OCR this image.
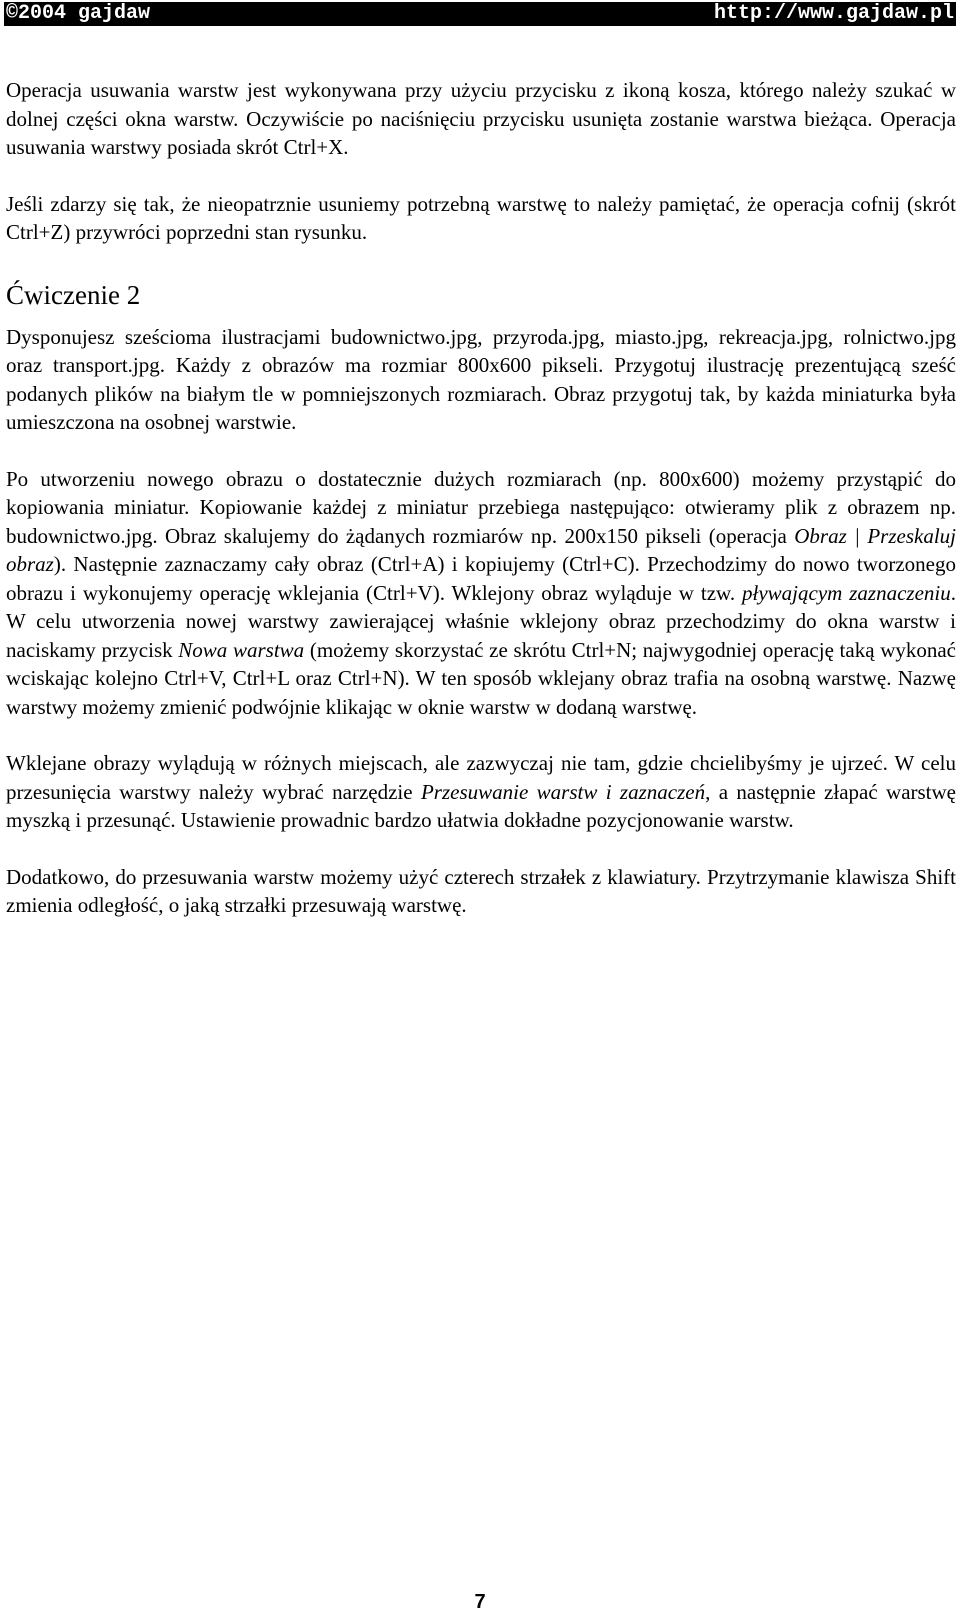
©2004 gajdaw	http://www.gajdaw.pl

Operacja usuwania warstw jest wykonywana przy użyciu przycisku z ikoną kosza, którego należy szukać w dolnej części okna warstw. Oczywiście po naciśnięciu przycisku usunięta zostanie warstwa bieżąca. Operacja usuwania warstwy posiada skrót Ctrl+X.

Jeśli zdarzy się tak, że nieopatrznie usuniemy potrzebną warstwę to należy pamiętać, że operacja cofnij (skrót Ctrl+Z) przywróci poprzedni stan rysunku.

Ćwiczenie 2

Dysponujesz sześcioma ilustracjami budownictwo.jpg, przyroda.jpg, miasto.jpg, rekreacja.jpg, rolnictwo.jpg oraz transport.jpg. Każdy z obrazów ma rozmiar 800x600 pikseli. Przygotuj ilustrację prezentującą sześć podanych plików na białym tle w pomniejszonych rozmiarach. Obraz przygotuj tak, by każda miniaturka była umieszczona na osobnej warstwie.

Po utworzeniu nowego obrazu o dostatecznie dużych rozmiarach (np. 800x600) możemy przystąpić do kopiowania miniatur. Kopiowanie każdej z miniatur przebiega następująco: otwieramy plik z obrazem np. budownictwo.jpg. Obraz skalujemy do żądanych rozmiarów np. 200x150 pikseli (operacja Obraz | Przeskaluj obraz). Następnie zaznaczamy cały obraz (Ctrl+A) i kopiujemy (Ctrl+C). Przechodzimy do nowo tworzonego obrazu i wykonujemy operację wklejania (Ctrl+V). Wklejony obraz wyląduje w tzw. pływającym zaznaczeniu. W celu utworzenia nowej warstwy zawierającej właśnie wklejony obraz przechodzimy do okna warstw i naciskamy przycisk Nowa warstwa (możemy skorzystać ze skrótu Ctrl+N; najwygodniej operację taką wykonać wciskając kolejno Ctrl+V, Ctrl+L oraz Ctrl+N). W ten sposób wklejany obraz trafia na osobną warstwę. Nazwę warstwy możemy zmienić podwójnie klikając w oknie warstw w dodaną warstwę.

Wklejane obrazy wylądują w różnych miejscach, ale zazwyczaj nie tam, gdzie chcielibyśmy je ujrzeć. W celu przesunięcia warstwy należy wybrać narzędzie Przesuwanie warstw i zaznaczeń, a następnie złapać warstwę myszką i przesunąć. Ustawienie prowadnic bardzo ułatwia dokładne pozycjonowanie warstw.

Dodatkowo, do przesuwania warstw możemy użyć czterech strzałek z klawiatury. Przytrzymanie klawisza Shift zmienia odległość, o jaką strzałki przesuwają warstwę.

7
